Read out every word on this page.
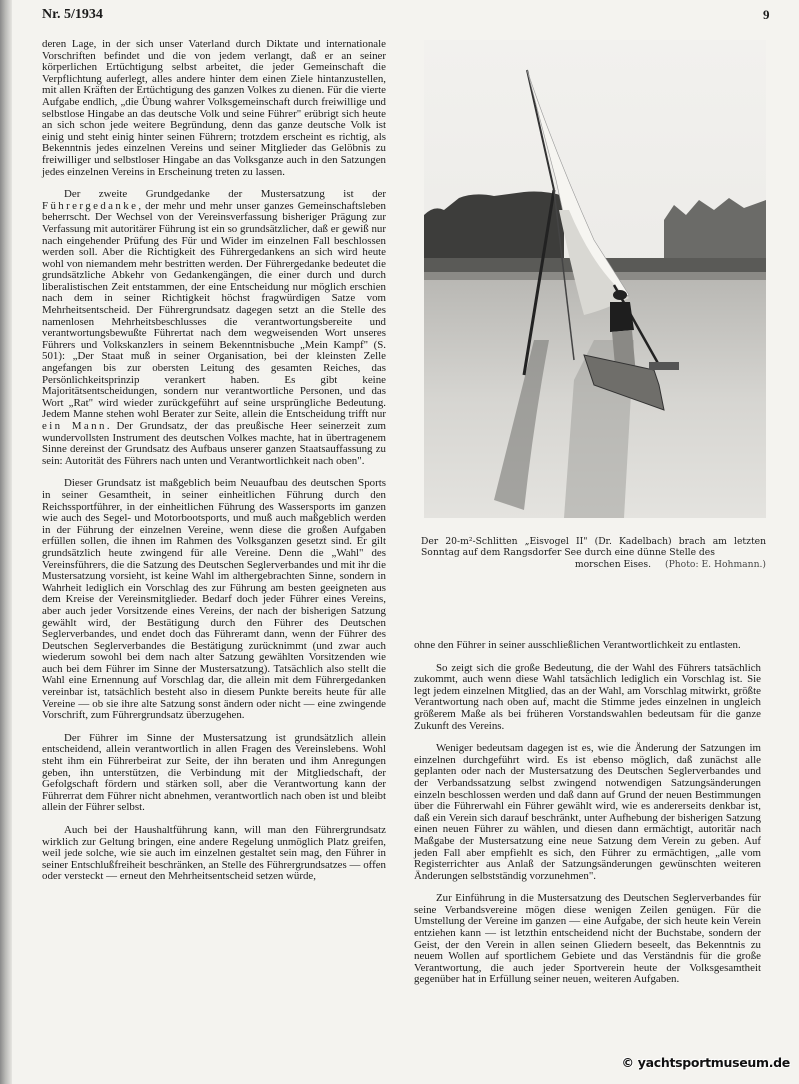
Nr. 5/1934	9

deren Lage, in der sich unser Vaterland durch Diktate und internationale Vorschriften befindet und die von jedem verlangt, daß er an seiner körperlichen Ertüchtigung selbst arbeitet, die jeder Gemeinschaft die Verpflichtung auferlegt, alles andere hinter dem einen Ziele hintanzustellen, mit allen Kräften der Ertüchtigung des ganzen Volkes zu dienen. Für die vierte Aufgabe endlich, „die Übung wahrer Volksgemeinschaft durch freiwillige und selbstlose Hingabe an das deutsche Volk und seine Führer" erübrigt sich heute an sich schon jede weitere Begründung, denn das ganze deutsche Volk ist einig und steht einig hinter seinen Führern; trotzdem erscheint es richtig, als Bekenntnis jedes einzelnen Vereins und seiner Mitglieder das Gelöbnis zu freiwilliger und selbstloser Hingabe an das Volksganze auch in den Satzungen jedes einzelnen Vereins in Erscheinung treten zu lassen.

Der zweite Grundgedanke der Mustersatzung ist der Führergedanke, der mehr und mehr unser ganzes Gemeinschaftsleben beherrscht. Der Wechsel von der Vereinsverfassung bisheriger Prägung zur Verfassung mit autoritärer Führung ist ein so grundsätzlicher, daß er gewiß nur nach eingehender Prüfung des Für und Wider im einzelnen Fall beschlossen werden soll. Aber die Richtigkeit des Führergedankens an sich wird heute wohl von niemandem mehr bestritten werden. Der Führergedanke bedeutet die grundsätzliche Abkehr von Gedankengängen, die einer durch und durch liberalistischen Zeit entstammen, der eine Entscheidung nur möglich erschien nach dem in seiner Richtigkeit höchst fragwürdigen Satze vom Mehrheitsentscheid. Der Führergrundsatz dagegen setzt an die Stelle des namenlosen Mehrheitsbeschlusses die verantwortungsbereite und verantwortungsbewußte Führertat nach dem wegweisenden Wort unseres Führers und Volkskanzlers in seinem Bekenntnisbuche „Mein Kampf" (S. 501): „Der Staat muß in seiner Organisation, bei der kleinsten Zelle angefangen bis zur obersten Leitung des gesamten Reiches, das Persönlichkeitsprinzip verankert haben. Es gibt keine Majoritätsentscheidungen, sondern nur verantwortliche Personen, und das Wort „Rat" wird wieder zurückgeführt auf seine ursprüngliche Bedeutung. Jedem Manne stehen wohl Berater zur Seite, allein die Entscheidung trifft nur ein Mann. Der Grundsatz, der das preußische Heer seinerzeit zum wundervollsten Instrument des deutschen Volkes machte, hat in übertragenem Sinne dereinst der Grundsatz des Aufbaus unserer ganzen Staatsauffassung zu sein: Autorität des Führers nach unten und Verantwortlichkeit nach oben".

Dieser Grundsatz ist maßgeblich beim Neuaufbau des deutschen Sports in seiner Gesamtheit, in seiner einheitlichen Führung durch den Reichssportführer, in der einheitlichen Führung des Wassersports im ganzen wie auch des Segel- und Motorbootsports, und muß auch maßgeblich werden in der Führung der einzelnen Vereine, wenn diese die großen Aufgaben erfüllen sollen, die ihnen im Rahmen des Volksganzen gesetzt sind. Er gilt grundsätzlich heute zwingend für alle Vereine. Denn die „Wahl" des Vereinsführers, die die Satzung des Deutschen Seglerverbandes und mit ihr die Mustersatzung vorsieht, ist keine Wahl im althergebrachten Sinne, sondern in Wahrheit lediglich ein Vorschlag des zur Führung am besten geeigneten aus dem Kreise der Vereinsmitglieder. Bedarf doch jeder Führer eines Vereins, aber auch jeder Vorsitzende eines Vereins, der nach der bisherigen Satzung gewählt wird, der Bestätigung durch den Führer des Deutschen Seglerverbandes, und endet doch das Führeramt dann, wenn der Führer des Deutschen Seglerverbandes die Bestätigung zurücknimmt (und zwar auch wiederum sowohl bei dem nach alter Satzung gewählten Vorsitzenden wie auch bei dem Führer im Sinne der Mustersatzung). Tatsächlich also stellt die Wahl eine Ernennung auf Vorschlag dar, die allein mit dem Führergedanken vereinbar ist, tatsächlich besteht also in diesem Punkte bereits heute für alle Vereine — ob sie ihre alte Satzung sonst ändern oder nicht — eine zwingende Vorschrift, zum Führergrundsatz überzugehen.

Der Führer im Sinne der Mustersatzung ist grundsätzlich allein entscheidend, allein verantwortlich in allen Fragen des Vereinslebens. Wohl steht ihm ein Führerbeirat zur Seite, der ihn beraten und ihm Anregungen geben, ihn unterstützen, die Verbindung mit der Mitgliedschaft, der Gefolgschaft fördern und stärken soll, aber die Verantwortung kann der Führerrat dem Führer nicht abnehmen, verantwortlich nach oben ist und bleibt allein der Führer selbst.

Auch bei der Haushaltführung kann, will man den Führergrundsatz wirklich zur Geltung bringen, eine andere Regelung unmöglich Platz greifen, weil jede solche, wie sie auch im einzelnen gestaltet sein mag, den Führer in seiner Entschlußfreiheit beschränken, an Stelle des Führergrundsatzes — offen oder versteckt — erneut den Mehrheitsentscheid setzen würde,

Der 20-m²-Schlitten „Eisvogel II" (Dr. Kadelbach) brach am letzten Sonntag auf dem Rangsdorfer See durch eine dünne Stelle des
morschen Eises. (Photo: E. Hohmann.)

ohne den Führer in seiner ausschließlichen Verantwortlichkeit zu entlasten.

So zeigt sich die große Bedeutung, die der Wahl des Führers tatsächlich zukommt, auch wenn diese Wahl tatsächlich lediglich ein Vorschlag ist. Sie legt jedem einzelnen Mitglied, das an der Wahl, am Vorschlag mitwirkt, größte Verantwortung nach oben auf, macht die Stimme jedes einzelnen in ungleich größerem Maße als bei früheren Vorstandswahlen bedeutsam für die ganze Zukunft des Vereins.

Weniger bedeutsam dagegen ist es, wie die Änderung der Satzungen im einzelnen durchgeführt wird. Es ist ebenso möglich, daß zunächst alle geplanten oder nach der Mustersatzung des Deutschen Seglerverbandes und der Verbandssatzung selbst zwingend notwendigen Satzungsänderungen einzeln beschlossen werden und daß dann auf Grund der neuen Bestimmungen über die Führerwahl ein Führer gewählt wird, wie es andererseits denkbar ist, daß ein Verein sich darauf beschränkt, unter Aufhebung der bisherigen Satzung einen neuen Führer zu wählen, und diesen dann ermächtigt, autoritär nach Maßgabe der Mustersatzung eine neue Satzung dem Verein zu geben. Auf jeden Fall aber empfiehlt es sich, den Führer zu ermächtigen, „alle vom Registerrichter aus Anlaß der Satzungsänderungen gewünschten weiteren Änderungen selbstständig vorzunehmen".

Zur Einführung in die Mustersatzung des Deutschen Seglerverbandes für seine Verbandsvereine mögen diese wenigen Zeilen genügen. Für die Umstellung der Vereine im ganzen — eine Aufgabe, der sich heute kein Verein entziehen kann — ist letzthin entscheidend nicht der Buchstabe, sondern der Geist, der den Verein in allen seinen Gliedern beseelt, das Bekenntnis zu neuem Wollen auf sportlichem Gebiete und das Verständnis für die große Verantwortung, die auch jeder Sportverein heute der Volksgesamtheit gegenüber hat in Erfüllung seiner neuen, weiteren Aufgaben.

© yachtsportmuseum.de
